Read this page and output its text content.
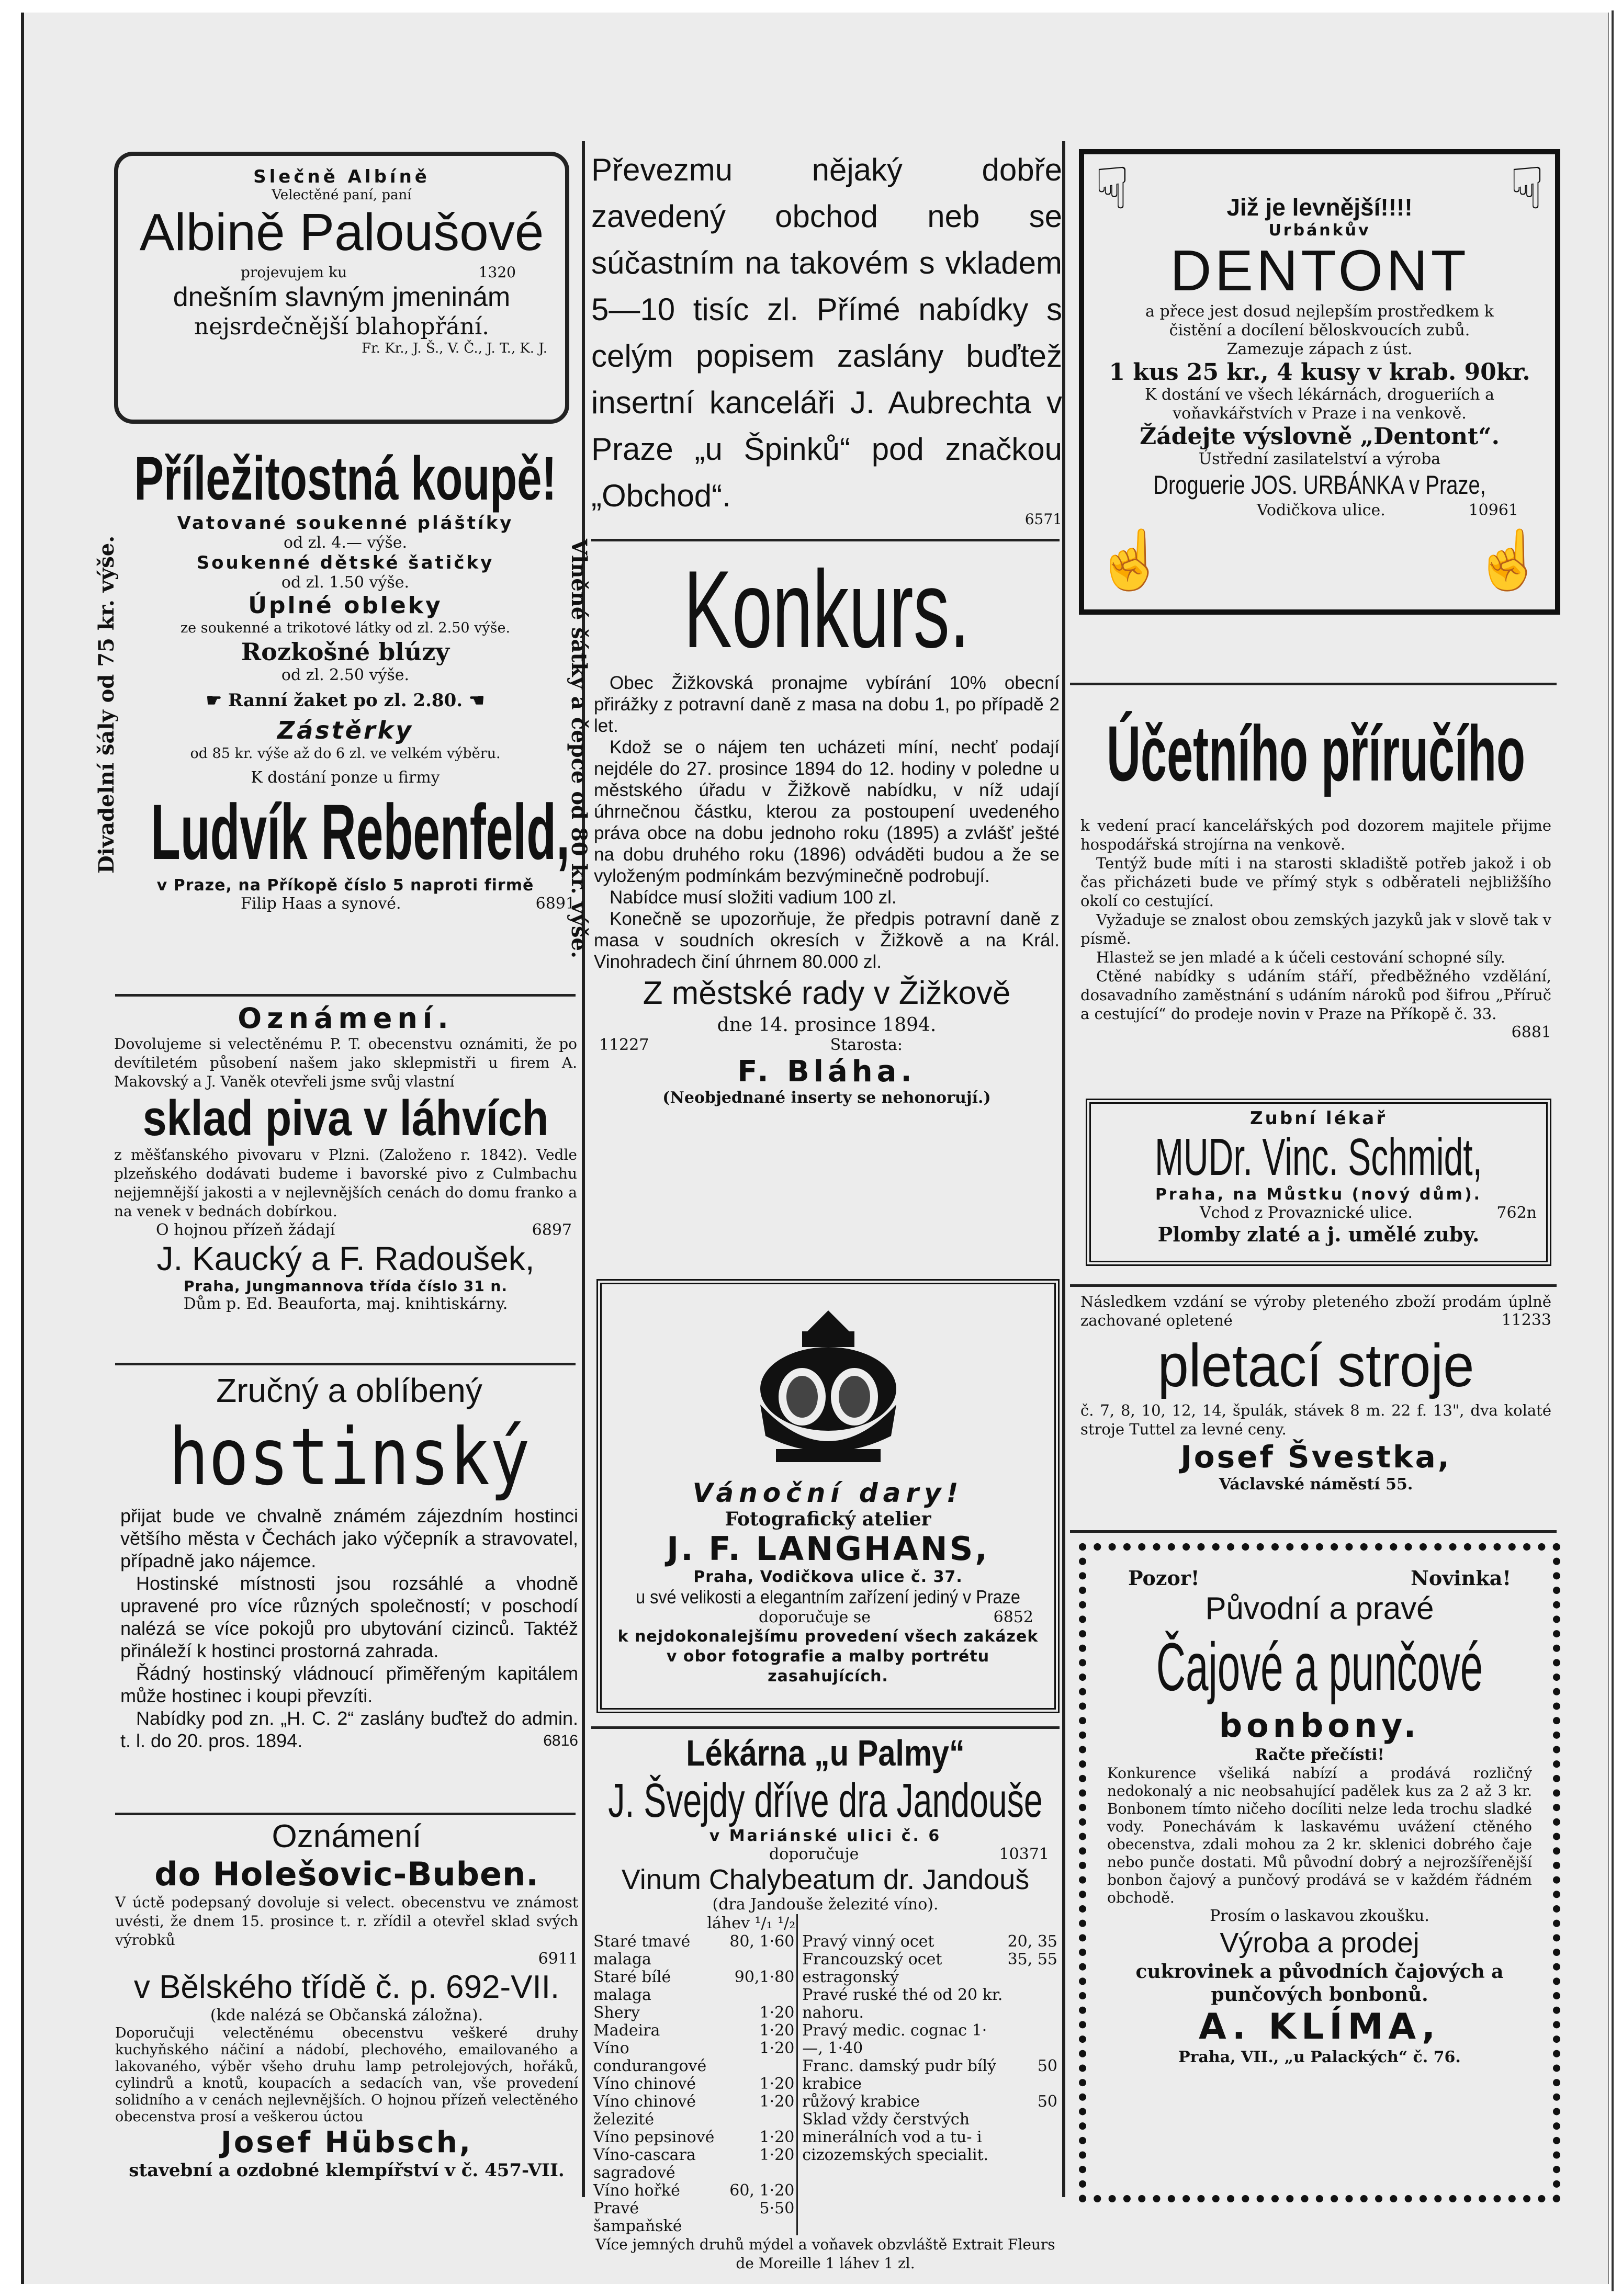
Slečně Albíně
Velectěné paní, paní
Albině Paloušové
projevujem ku	1320
dnešním slavným jmeninám
nejsrdečnější blahopřání.
Fr. Kr., J. Š., V. Č., J. T., K. J.
Příležitostná koupě!
Divadelní šály od 75 kr. výše.	Vlněné šátky a čepce od 80 kr. výše.
Vatované soukenné pláštíky
od zl. 4.— výše.
Soukenné dětské šatičky
od zl. 1.50 výše.
Úplné obleky
ze soukenné a trikotové látky od zl. 2.50 výše.
Rozkošné blúzy
od zl. 2.50 výše.
☛ Ranní žaket po zl. 2.80. ☚
Zástěrky
od 85 kr. výše až do 6 zl. ve velkém výběru.
K dostání ponze u firmy
Ludvík Rebenfeld,
v Praze, na Příkopě číslo 5 naproti firmě
Filip Haas a synové.	6891
Oznámení.
Dovolujeme si velectěnému P. T. obecenstvu oznámiti, že po devítiletém působení našem jako sklepmistři u firem A. Makovský a J. Vaněk otevřeli jsme svůj vlastní
sklad piva v láhvích
z měšťanského pivovaru v Plzni. (Založeno r. 1842). Vedle plzeňského dodávati budeme i bavorské pivo z Culmbachu nejjemnější jakosti a v nejlevnějších cenách do domu franko a na venek v bednách dobírkou.
O hojnou přízeň žádají	6897
J. Kaucký a F. Radoušek,
Praha, Jungmannova třída číslo 31 n.
Dům p. Ed. Beauforta, maj. knihtiskárny.
Zručný a oblíbený
hostinský
přijat bude ve chvalně známém zájezdním hostinci většího města v Čechách jako výčepník a stravovatel, případně jako nájemce.
Hostinské místnosti jsou rozsáhlé a vhodně upravené pro více různých společností; v poschodí nalézá se více pokojů pro ubytování cizinců. Taktéž přináleží k hostinci prostorná zahrada.
Řádný hostinský vládnoucí přiměřeným kapitálem může hostinec i koupi převzíti.
Nabídky pod zn. „H. C. 2“ zaslány buďtež do admin. t. l. do 20. pros. 1894.	6816
Oznámení
do Holešovic-Buben.
V úctě podepsaný dovoluje si velect. obecenstvu ve známost uvésti, že dnem 15. prosince t. r. zřídil a otevřel sklad svých výrobků
6911
v Bělského třídě č. p. 692-VII.
(kde nalézá se Občanská záložna).
Doporučuji velectěnému obecenstvu veškeré druhy kuchyňského náčiní a nádobí, plechového, emailovaného a lakovaného, výběr všeho druhu lamp petrolejových, hořáků, cylindrů a knotů, koupacích a sedacích van, vše provedení solidního a v cenách nejlevnějších. O hojnou přízeň velectěného obecenstva prosí a veškerou úctou
Josef Hübsch,
stavební a ozdobné klempířství v č. 457-VII.
Převezmu nějaký dobře zavedený obchod neb se súčastním na takovém s vkladem 5—10 tisíc zl. Přímé nabídky s celým popisem zaslány buďtež insertní kanceláři J. Aubrechta v Praze „u Špinků“ pod značkou „Obchod“.
6571
Konkurs.
Obec Žižkovská pronajme vybírání 10% obecní přirážky z potravní daně z masa na dobu 1, po případě 2 let.
Kdož se o nájem ten ucházeti míní, nechť podají nejdéle do 27. prosince 1894 do 12. hodiny v poledne u městského úřadu v Žižkově nabídku, v níž udají úhrnečnou částku, kterou za postoupení uvedeného práva obce na dobu jednoho roku (1895) a zvlášť ješté na dobu druhého roku (1896) odváděti budou a že se vyloženým podmínkám bezvýminečně podrobují.
Nabídce musí složiti vadium 100 zl.
Konečně se upozorňuje, že předpis potravní daně z masa v soudních okresích v Žižkově a na Král. Vinohradech činí úhrnem 80.000 zl.
Z městské rady v Žižkově
dne 14. prosince 1894.
11227	Starosta:
F. Bláha.
(Neobjednané inserty se nehonorují.)
Vánoční dary!
Fotografický atelier
J. F. LANGHANS,
Praha, Vodičkova ulice č. 37.
u své velikosti a elegantním zařízení jediný v Praze
doporučuje se	6852
k nejdokonalejšímu provedení všech zakázek v obor fotografie a malby portrétu zasahujících.
Lékárna „u Palmy“
J. Švejdy dříve dra Jandouše
v Mariánské ulici č. 6
doporučuje	10371
Vinum Chalybeatum dr. Jandouš
(dra Jandouše železité víno).
láhev ¹/₁ ¹/₂

Staré tmavé malaga	80, 1·60
Staré bílé malaga	90,1·80
Shery	1·20
Madeira	1·20
Víno condurangové	1·20
Víno chinové	1·20
Víno chinové železité	1·20
Víno pepsinové	1·20
Víno-cascara sagradové	1·20
Víno hořké	60, 1·20
Pravé šampaňské	5·50

Pravý vinný ocet	20, 35
Francouzský ocet estragonský	35, 55
Pravé ruské thé od 20 kr. nahoru.	
Pravý medic. cognac 1·—, 1·40	
Franc. damský pudr bílý krabice	50
růžový krabice	50
Sklad vždy čerstvých minerálních vod a tu- i cizozemských specialit.	
Více jemných druhů mýdel a voňavek obzvláště Extrait Fleurs de Moreille 1 láhev 1 zl.
☟	☟
☝	☝
Již je levnější!!!!
Urbánkův
DENTONT
a přece jest dosud nejlepším prostředkem k čistění a docílení běloskvoucích zubů.
Zamezuje zápach z úst.
1 kus 25 kr., 4 kusy v krab. 90kr.
K dostání ve všech lékárnách, drogueriích a voňavkářstvích v Praze i na venkově.
Žádejte výslovně „Dentont“.
Ústřední zasilatelství a výroba
Droguerie JOS. URBÁNKA v Praze,
Vodičkova ulice.	10961
Účetního příručího
k vedení prací kancelářských pod dozorem majitele přijme hospodářská strojírna na venkově.
Tentýž bude míti i na starosti skladiště potřeb jakož i ob čas přicházeti bude ve přímý styk s odběrateli nejbližšího okolí co cestující.
Vyžaduje se znalost obou zemských jazyků jak v slově tak v písmě.
Hlastež se jen mladé a k účeli cestování schopné síly.
Ctěné nabídky s udáním stáří, předběžného vzdělání, dosavadního zaměstnání s udáním nároků pod šifrou „Příruč a cestující“ do prodeje novin v Praze na Příkopě č. 33.
6881
Zubní lékař
MUDr. Vinc. Schmidt,
Praha, na Můstku (nový dům).
Vchod z Provaznické ulice.	762n
Plomby zlaté a j. umělé zuby.
Následkem vzdání se výroby pleteného zboží prodám úplně zachované opletené	11233
pletací stroje
č. 7, 8, 10, 12, 14, špulák, stávek 8 m. 22 f. 13", dva kolaté stroje Tuttel za levné ceny.
Josef Švestka,
Václavské náměstí 55.
Pozor!	Novinka!
Původní a pravé
Čajové a punčové
bonbony.
Račte přečísti!
Konkurence všeliká nabízí a prodává rozličný nedokonalý a nic neobsahující padělek kus za 2 až 3 kr. Bonbonem tímto ničeho docíliti nelze leda trochu sladké vody. Ponechávám k laskavému uvážení ctěného obecenstva, zdali mohou za 2 kr. sklenici dobrého čaje nebo punče dostati. Mů původní dobrý a nejrozšířenější bonbon čajový a punčový prodává se v každém řádném obchodě.
Prosím o laskavou zkoušku.
Výroba a prodej
cukrovinek a původních čajových a punčových bonbonů.
A. KLÍMA,
Praha, VII., „u Palackých“ č. 76.
